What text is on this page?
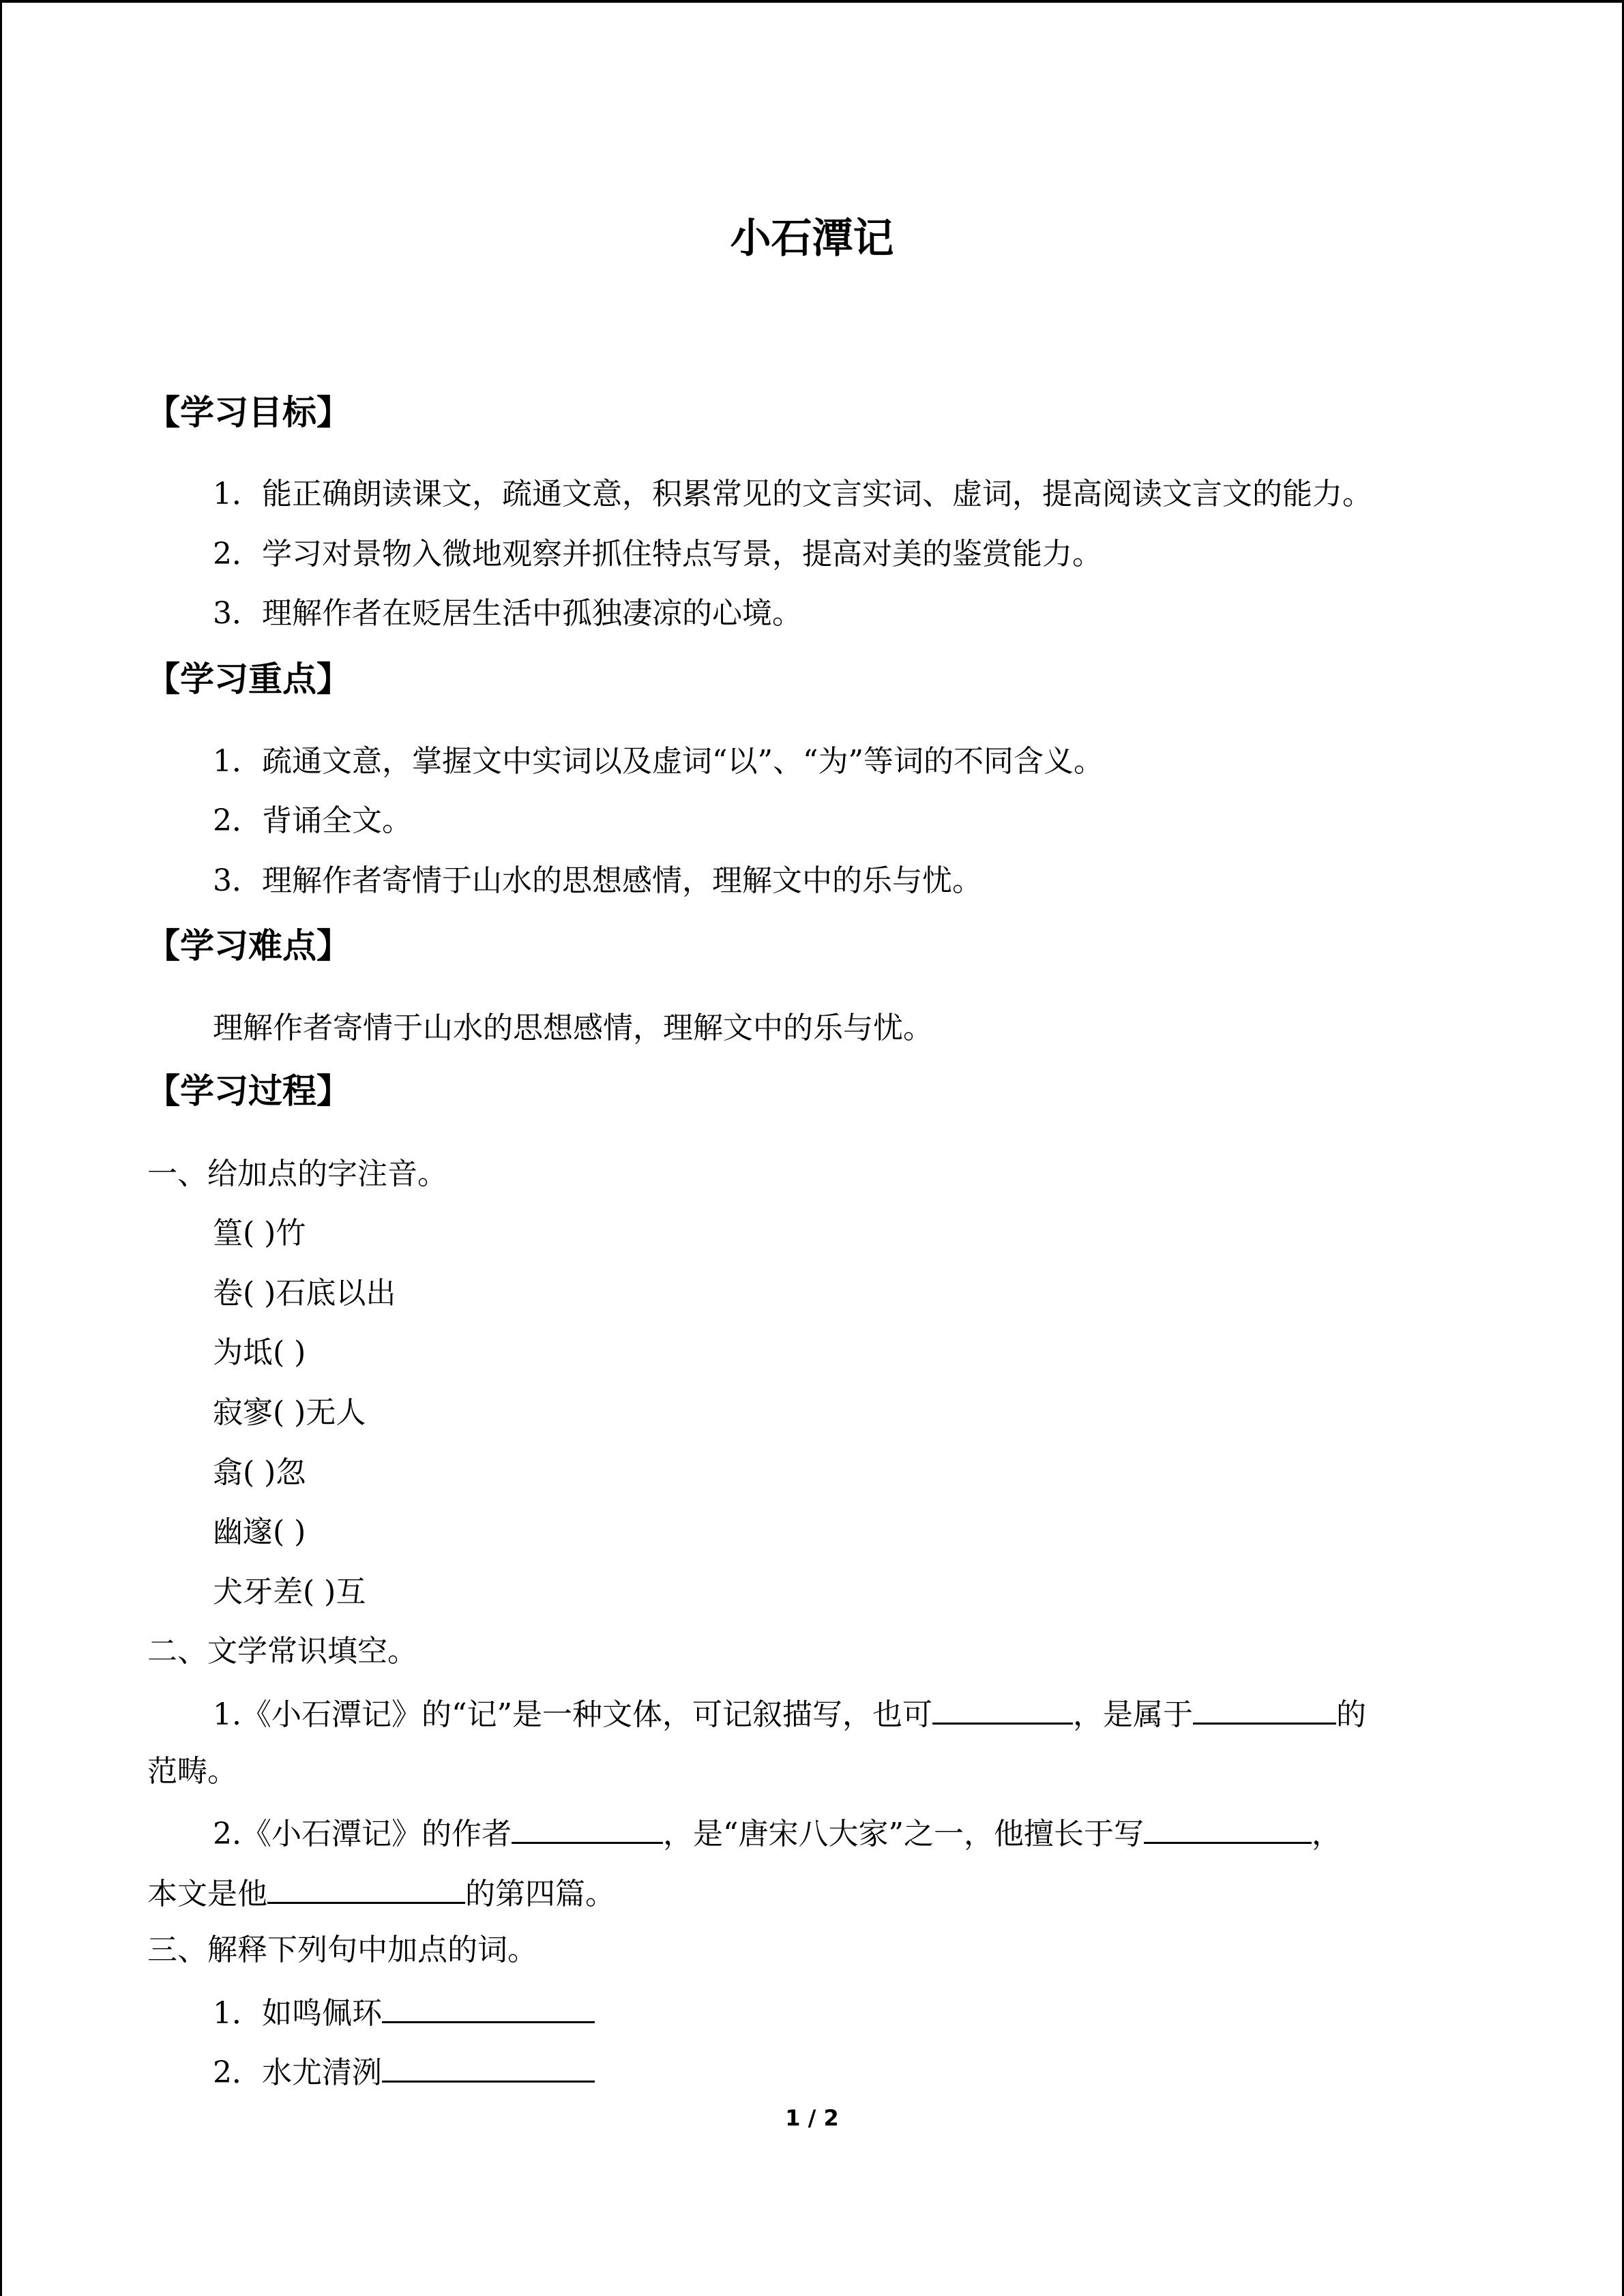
小石潭记
【学习目标】
1．能正确朗读课文，疏通文意，积累常见的文言实词、虚词，提高阅读文言文的能力。
2．学习对景物入微地观察并抓住特点写景，提高对美的鉴赏能力。
3．理解作者在贬居生活中孤独凄凉的心境。
【学习重点】
1．疏通文意，掌握文中实词以及虚词“以”、“为”等词的不同含义。
2．背诵全文。
3．理解作者寄情于山水的思想感情，理解文中的乐与忧。
【学习难点】
理解作者寄情于山水的思想感情，理解文中的乐与忧。
【学习过程】
一、给加点的字注音。
篁( )竹
卷( )石底以出
为坻( )
寂寥( )无人
翕( )忽
幽邃( )
犬牙差( )互
二、文学常识填空。
1.《小石潭记》的“记”是一种文体，可记叙描写，也可	，是属于	的
范畴。
2.《小石潭记》的作者	，是“唐宋八大家”之一，他擅长于写	，
本文是他	的第四篇。
三、解释下列句中加点的词。
1．如鸣佩环
2．水尤清洌
1 / 2
